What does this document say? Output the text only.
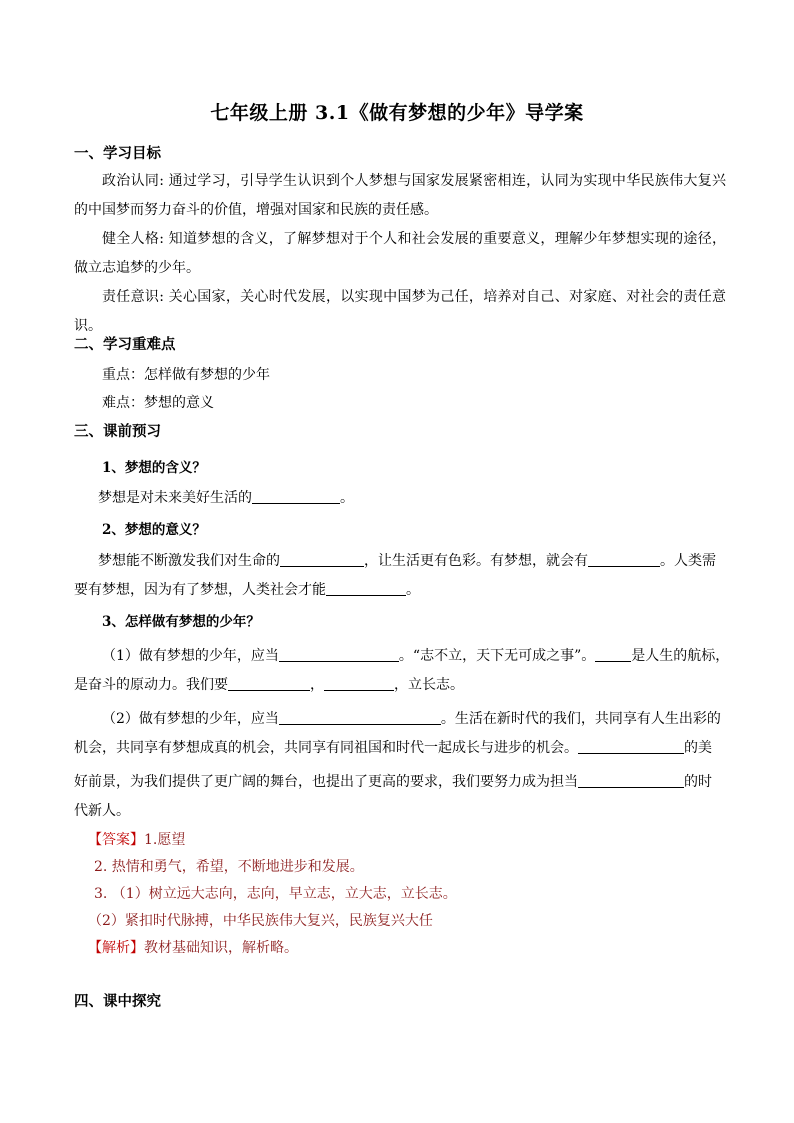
七年级上册 3.1《做有梦想的少年》导学案
一、学习目标
政治认同: 通过学习，引导学生认识到个人梦想与国家发展紧密相连，认同为实现中华民族伟大复兴的中国梦而努力奋斗的价值，增强对国家和民族的责任感。
健全人格: 知道梦想的含义，了解梦想对于个人和社会发展的重要意义，理解少年梦想实现的途径，做立志追梦的少年。
责任意识: 关心国家，关心时代发展，以实现中国梦为己任，培养对自己、对家庭、对社会的责任意识。
二、学习重难点
重点：怎样做有梦想的少年
难点：梦想的意义
三、课前预习
1、梦想的含义？
梦想是对未来美好生活的	。
2、梦想的意义？
梦想能不断激发我们对生命的	，让生活更有色彩。有梦想，就会有	。人类需
要有梦想，因为有了梦想，人类社会才能	。
3、怎样做有梦想的少年？
（1）做有梦想的少年，应当	。“志不立，天下无可成之事”。	是人生的航标，
是奋斗的原动力。我们要	，	，立长志。
（2）做有梦想的少年，应当	。生活在新时代的我们，共同享有人生出彩的
机会，共同享有梦想成真的机会，共同享有同祖国和时代一起成长与进步的机会。	的美
好前景，为我们提供了更广阔的舞台，也提出了更高的要求，我们要努力成为担当	的时
代新人。
【答案】1.愿望
2. 热情和勇气，希望，不断地进步和发展。
3. （1）树立远大志向，志向，早立志，立大志，立长志。
（2）紧扣时代脉搏，中华民族伟大复兴，民族复兴大任
【解析】教材基础知识，解析略。
四、课中探究
